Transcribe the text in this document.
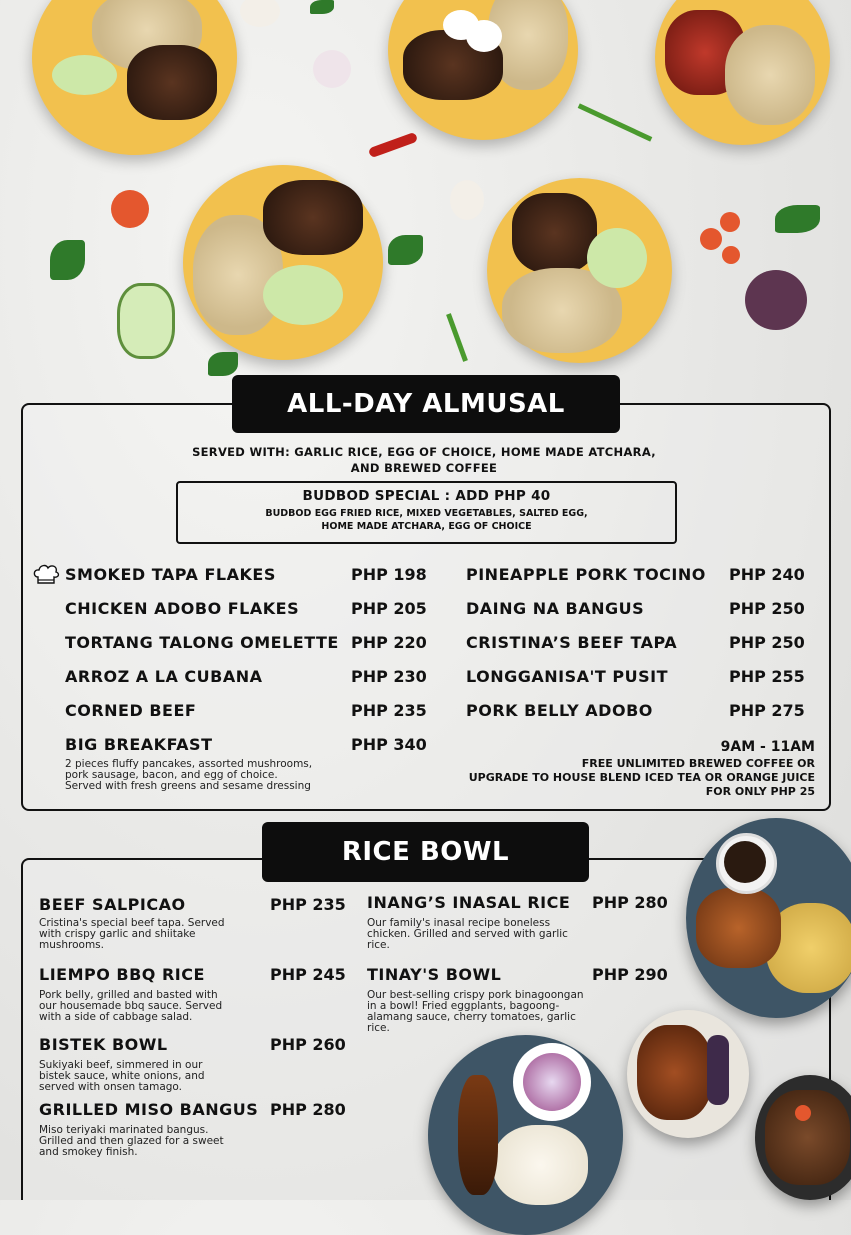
ALL-DAY ALMUSAL
SERVED WITH: GARLIC RICE, EGG OF CHOICE, HOME MADE ATCHARA,
AND BREWED COFFEE
BUDBOD SPECIAL : ADD PHP 40
BUDBOD EGG FRIED RICE, MIXED VEGETABLES, SALTED EGG,
HOME MADE ATCHARA, EGG OF CHOICE
SMOKED TAPA FLAKES	PHP 198
CHICKEN ADOBO FLAKES	PHP 205
TORTANG TALONG OMELETTE PHP 220
ARROZ A LA CUBANA	PHP 230
CORNED BEEF	PHP 235
BIG BREAKFAST	PHP 340
2 pieces fluffy pancakes, assorted mushrooms,
pork sausage, bacon, and egg of choice.
Served with fresh greens and sesame dressing
PINEAPPLE PORK TOCINO PHP 240
DAING NA BANGUS	PHP 250
CRISTINA’S BEEF TAPA	PHP 250
LONGGANISA'T PUSIT	PHP 255
PORK BELLY ADOBO	PHP 275
9AM - 11AM
FREE UNLIMITED BREWED COFFEE OR
UPGRADE TO HOUSE BLEND ICED TEA OR ORANGE JUICE
FOR ONLY PHP 25
RICE BOWL
BEEF SALPICAO	PHP 235
Cristina's special beef tapa. Served
with crispy garlic and shiitake
mushrooms.
LIEMPO BBQ RICE	PHP 245
Pork belly, grilled and basted with
our housemade bbq sauce. Served
with a side of cabbage salad.
BISTEK BOWL	PHP 260
Sukiyaki beef, simmered in our
bistek sauce, white onions, and
served with onsen tamago.
GRILLED MISO BANGUS PHP 280
Miso teriyaki marinated bangus.
Grilled and then glazed for a sweet
and smokey finish.
INANG’S INASAL RICE PHP 280
Our family's inasal recipe boneless
chicken. Grilled and served with garlic
rice.
TINAY'S BOWL	PHP 290
Our best-selling crispy pork binagoongan
in a bowl! Fried eggplants, bagoong-
alamang sauce, cherry tomatoes, garlic
rice.
